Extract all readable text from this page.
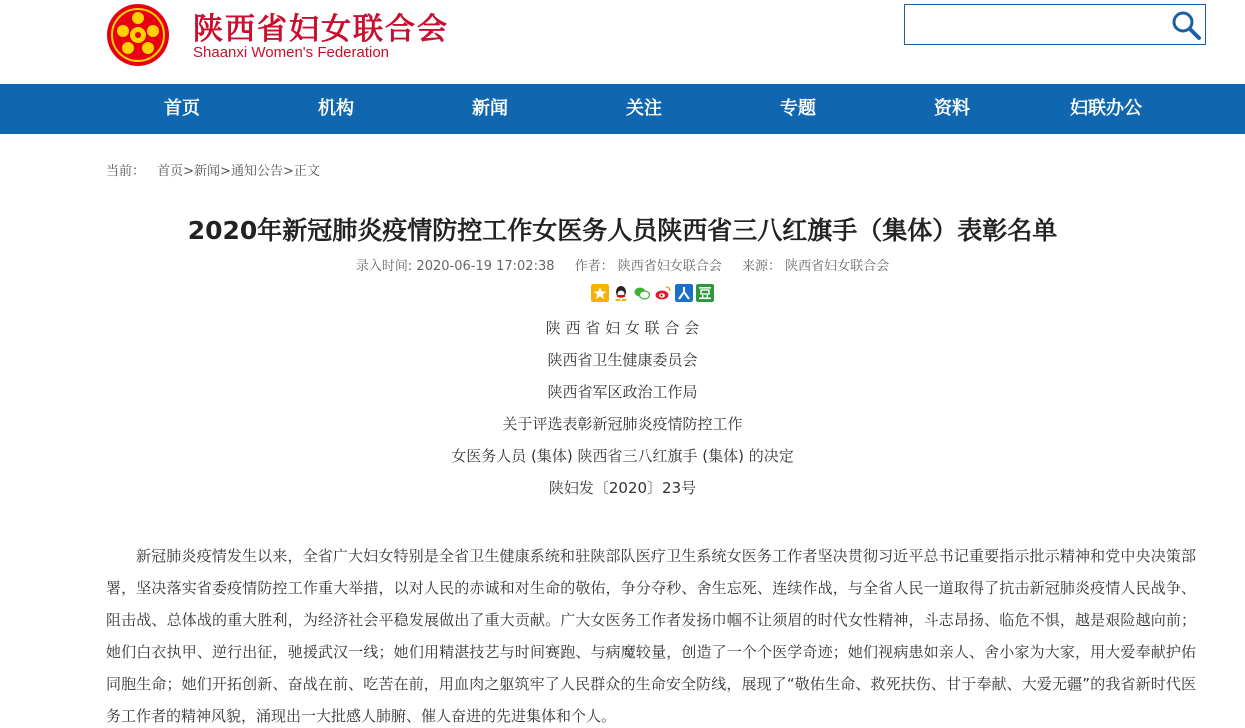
陕西省妇女联合会
Shaanxi Women's Federation
首页	机构	新闻	关注	专题	资料	妇联办公
当前： 首页>新闻>通知公告>正文
2020年新冠肺炎疫情防控工作女医务人员陕西省三八红旗手（集体）表彰名单
录入时间: 2020-06-19 17:02:38 作者： 陕西省妇女联合会 来源： 陕西省妇女联合会
陕 西 省 妇 女 联 合 会
陕西省卫生健康委员会
陕西省军区政治工作局
关于评选表彰新冠肺炎疫情防控工作
女医务人员 (集体) 陕西省三八红旗手 (集体) 的决定
陕妇发〔2020〕23号

新冠肺炎疫情发生以来，全省广大妇女特别是全省卫生健康系统和驻陕部队医疗卫生系统女医务工作者坚决贯彻习近平总书记重要指示批示精神和党中央决策部署，坚决落实省委疫情防控工作重大举措，以对人民的赤诚和对生命的敬佑，争分夺秒、舍生忘死、连续作战，与全省人民一道取得了抗击新冠肺炎疫情人民战争、阻击战、总体战的重大胜利，为经济社会平稳发展做出了重大贡献。广大女医务工作者发扬巾帼不让须眉的时代女性精神，斗志昂扬、临危不惧，越是艰险越向前；她们白衣执甲、逆行出征，驰援武汉一线；她们用精湛技艺与时间赛跑、与病魔较量，创造了一个个医学奇迹；她们视病患如亲人、舍小家为大家，用大爱奉献护佑同胞生命；她们开拓创新、奋战在前、吃苦在前，用血肉之躯筑牢了人民群众的生命安全防线，展现了“敬佑生命、救死扶伤、甘于奉献、大爱无疆”的我省新时代医务工作者的精神风貌，涌现出一大批感人肺腑、催人奋进的先进集体和个人。
